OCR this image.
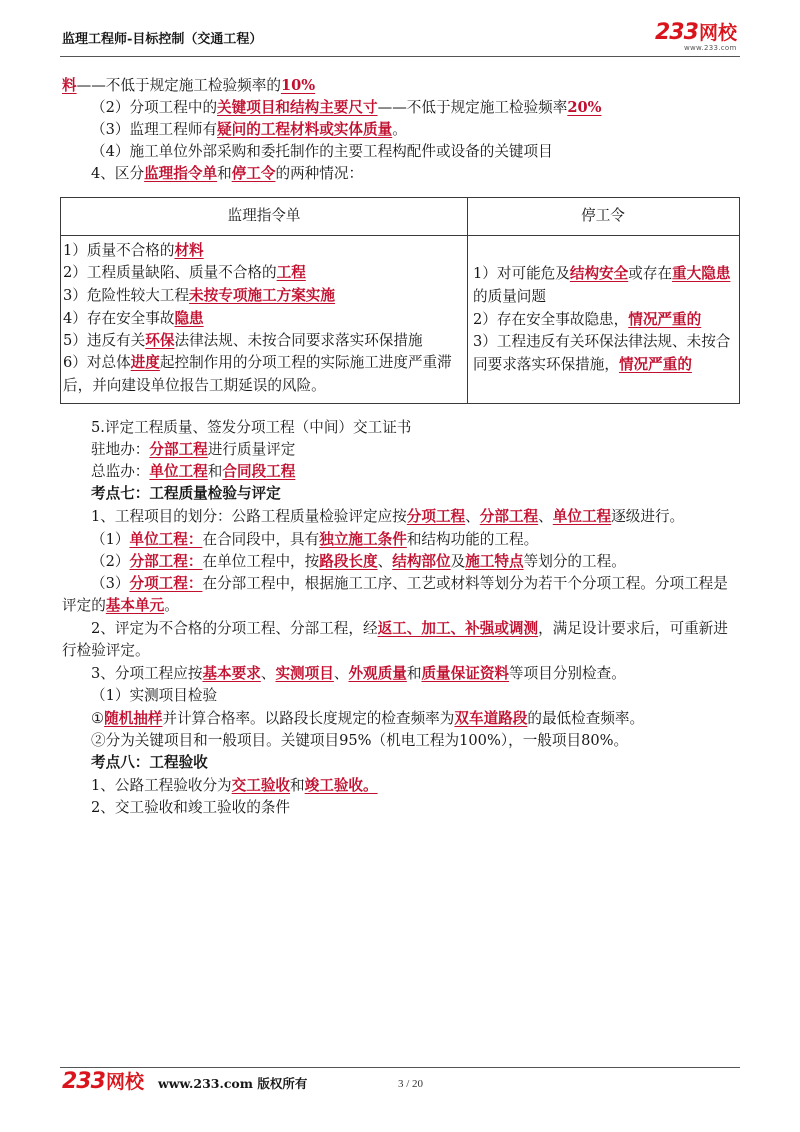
监理工程师-目标控制（交通工程）	233 网校
www.233.com
料 ——不低于规定施工检验频率的 10%
（2）分项工程中的 关键项目和结构主要尺寸 ——不低于规定施工检验频率 20%
（3）监理工程师有 疑问的工程材料或实体质量 。
（4）施工单位外部采购和委托制作的主要工程构配件或设备的关键项目
4、区分 监理指令单 和 停工令 的两种情况：
监理指令单	停工令
1）质量不合格的 材料
2）工程质量缺陷、质量不合格的 工程
3）危险性较大工程 未按专项施工方案实施
4）存在安全事故 隐患
5）违反有关 环保 法律法规、未按合同要求落实环保措施
6）对总体 进度 起控制作用的分项工程的实际施工进度严重滞
后，并向建设单位报告工期延误的风险。
1）对可能危及 结构安全 或存在 重大隐患
的质量问题
2）存在安全事故隐患， 情况严重的
3）工程违反有关环保法律法规、未按合
同要求落实环保措施， 情况严重的
5.评定工程质量、签发分项工程（中间）交工证书
驻地办： 分部工程 进行质量评定
总监办： 单位工程 和 合同段工程
考点七：工程质量检验与评定
1、工程项目的划分：公路工程质量检验评定应按 分项工程 、 分部工程 、 单位工程 逐级进行。
（1） 单位工程： 在合同段中，具有 独立施工条件 和结构功能的工程。
（2） 分部工程： 在单位工程中，按 路段长度 、 结构部位 及 施工特点 等划分的工程。
（3） 分项工程： 在分部工程中，根据施工工序、工艺或材料等划分为若干个分项工程。分项工程是
评定的 基本单元 。
2、评定为不合格的分项工程、分部工程，经 返工、加工、补强或调测 ，满足设计要求后，可重新进
行检验评定。
3、分项工程应按 基本要求 、 实测项目 、 外观质量 和 质量保证资料 等项目分别检查。
（1）实测项目检验
① 随机抽样 并计算合格率。以路段长度规定的检查频率为 双车道路段 的最低检查频率。
②分为关键项目和一般项目。关键项目95%（机电工程为100%），一般项目80%。
考点八：工程验收
1、公路工程验收分为 交工验收 和 竣工验收。
2、交工验收和竣工验收的条件
233 网校 www.233.com 版权所有	3 / 20
